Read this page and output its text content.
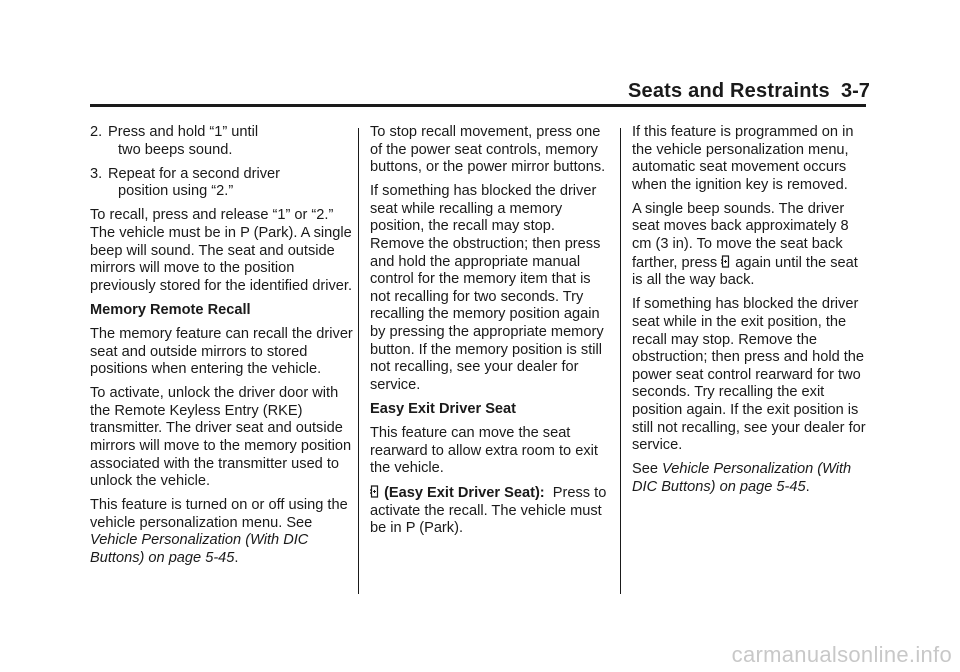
Seats and Restraints 3-7
2. Press and hold “1” until
two beeps sound.
3. Repeat for a second driver
position using “2.”

To recall, press and release “1” or “2.” The vehicle must be in P (Park). A single beep will sound. The seat and outside mirrors will move to the position previously stored for the identified driver.

Memory Remote Recall

The memory feature can recall the driver seat and outside mirrors to stored positions when entering the vehicle.

To activate, unlock the driver door with the Remote Keyless Entry (RKE) transmitter. The driver seat and outside mirrors will move to the memory position associated with the transmitter used to unlock the vehicle.

This feature is turned on or off using the vehicle personalization menu. See Vehicle Personalization (With DIC Buttons) on page 5-45.

To stop recall movement, press one of the power seat controls, memory buttons, or the power mirror buttons.

If something has blocked the driver seat while recalling a memory position, the recall may stop. Remove the obstruction; then press and hold the appropriate manual control for the memory item that is not recalling for two seconds. Try recalling the memory position again by pressing the appropriate memory button. If the memory position is still not recalling, see your dealer for service.

Easy Exit Driver Seat

This feature can move the seat rearward to allow extra room to exit the vehicle.

(Easy Exit Driver Seat): Press to activate the recall. The vehicle must be in P (Park).

If this feature is programmed on in the vehicle personalization menu, automatic seat movement occurs when the ignition key is removed.

A single beep sounds. The driver seat moves back approximately 8 cm (3 in). To move the seat back farther, press again until the seat is all the way back.

If something has blocked the driver seat while in the exit position, the recall may stop. Remove the obstruction; then press and hold the power seat control rearward for two seconds. Try recalling the exit position again. If the exit position is still not recalling, see your dealer for service.

See Vehicle Personalization (With DIC Buttons) on page 5-45.

carmanualsonline.info
